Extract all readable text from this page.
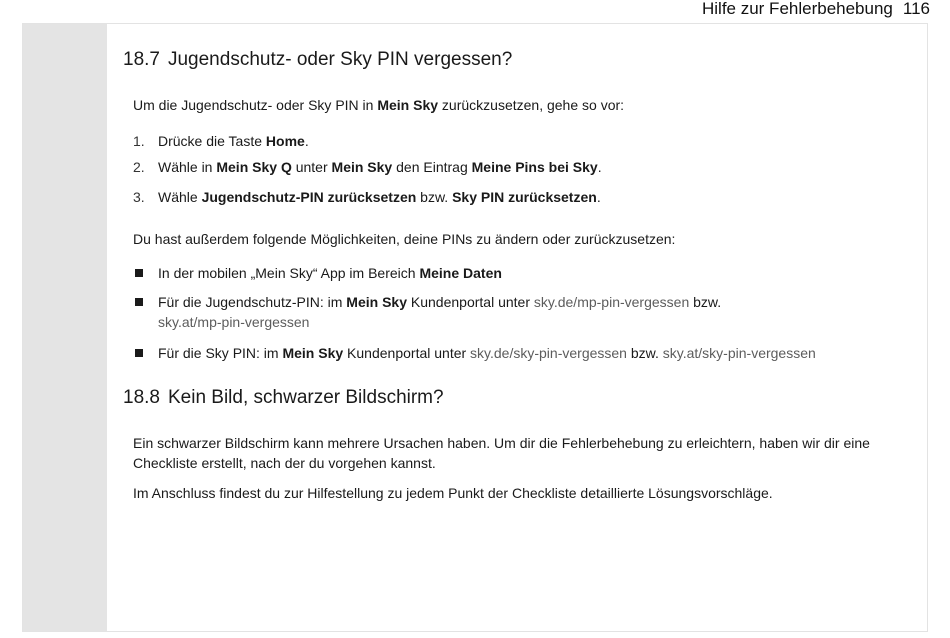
Hilfe zur Fehlerbehebung 116
18.7 Jugendschutz- oder Sky PIN vergessen?

Um die Jugendschutz- oder Sky PIN in Mein Sky zurückzusetzen, gehe so vor:

1. Drücke die Taste Home.
2. Wähle in Mein Sky Q unter Mein Sky den Eintrag Meine Pins bei Sky.
3. Wähle Jugendschutz-PIN zurücksetzen bzw. Sky PIN zurücksetzen.

Du hast außerdem folgende Möglichkeiten, deine PINs zu ändern oder zurückzusetzen:

In der mobilen „Mein Sky“ App im Bereich Meine Daten
Für die Jugendschutz-PIN: im Mein Sky Kundenportal unter sky.de/mp-pin-vergessen bzw.
sky.at/mp-pin-vergessen
Für die Sky PIN: im Mein Sky Kundenportal unter sky.de/sky-pin-vergessen bzw. sky.at/sky-pin-vergessen
18.8 Kein Bild, schwarzer Bildschirm?

Ein schwarzer Bildschirm kann mehrere Ursachen haben. Um dir die Fehlerbehebung zu erleichtern, haben wir dir eine Checkliste erstellt, nach der du vorgehen kannst.

Im Anschluss findest du zur Hilfestellung zu jedem Punkt der Checkliste detaillierte Lösungsvorschläge.
